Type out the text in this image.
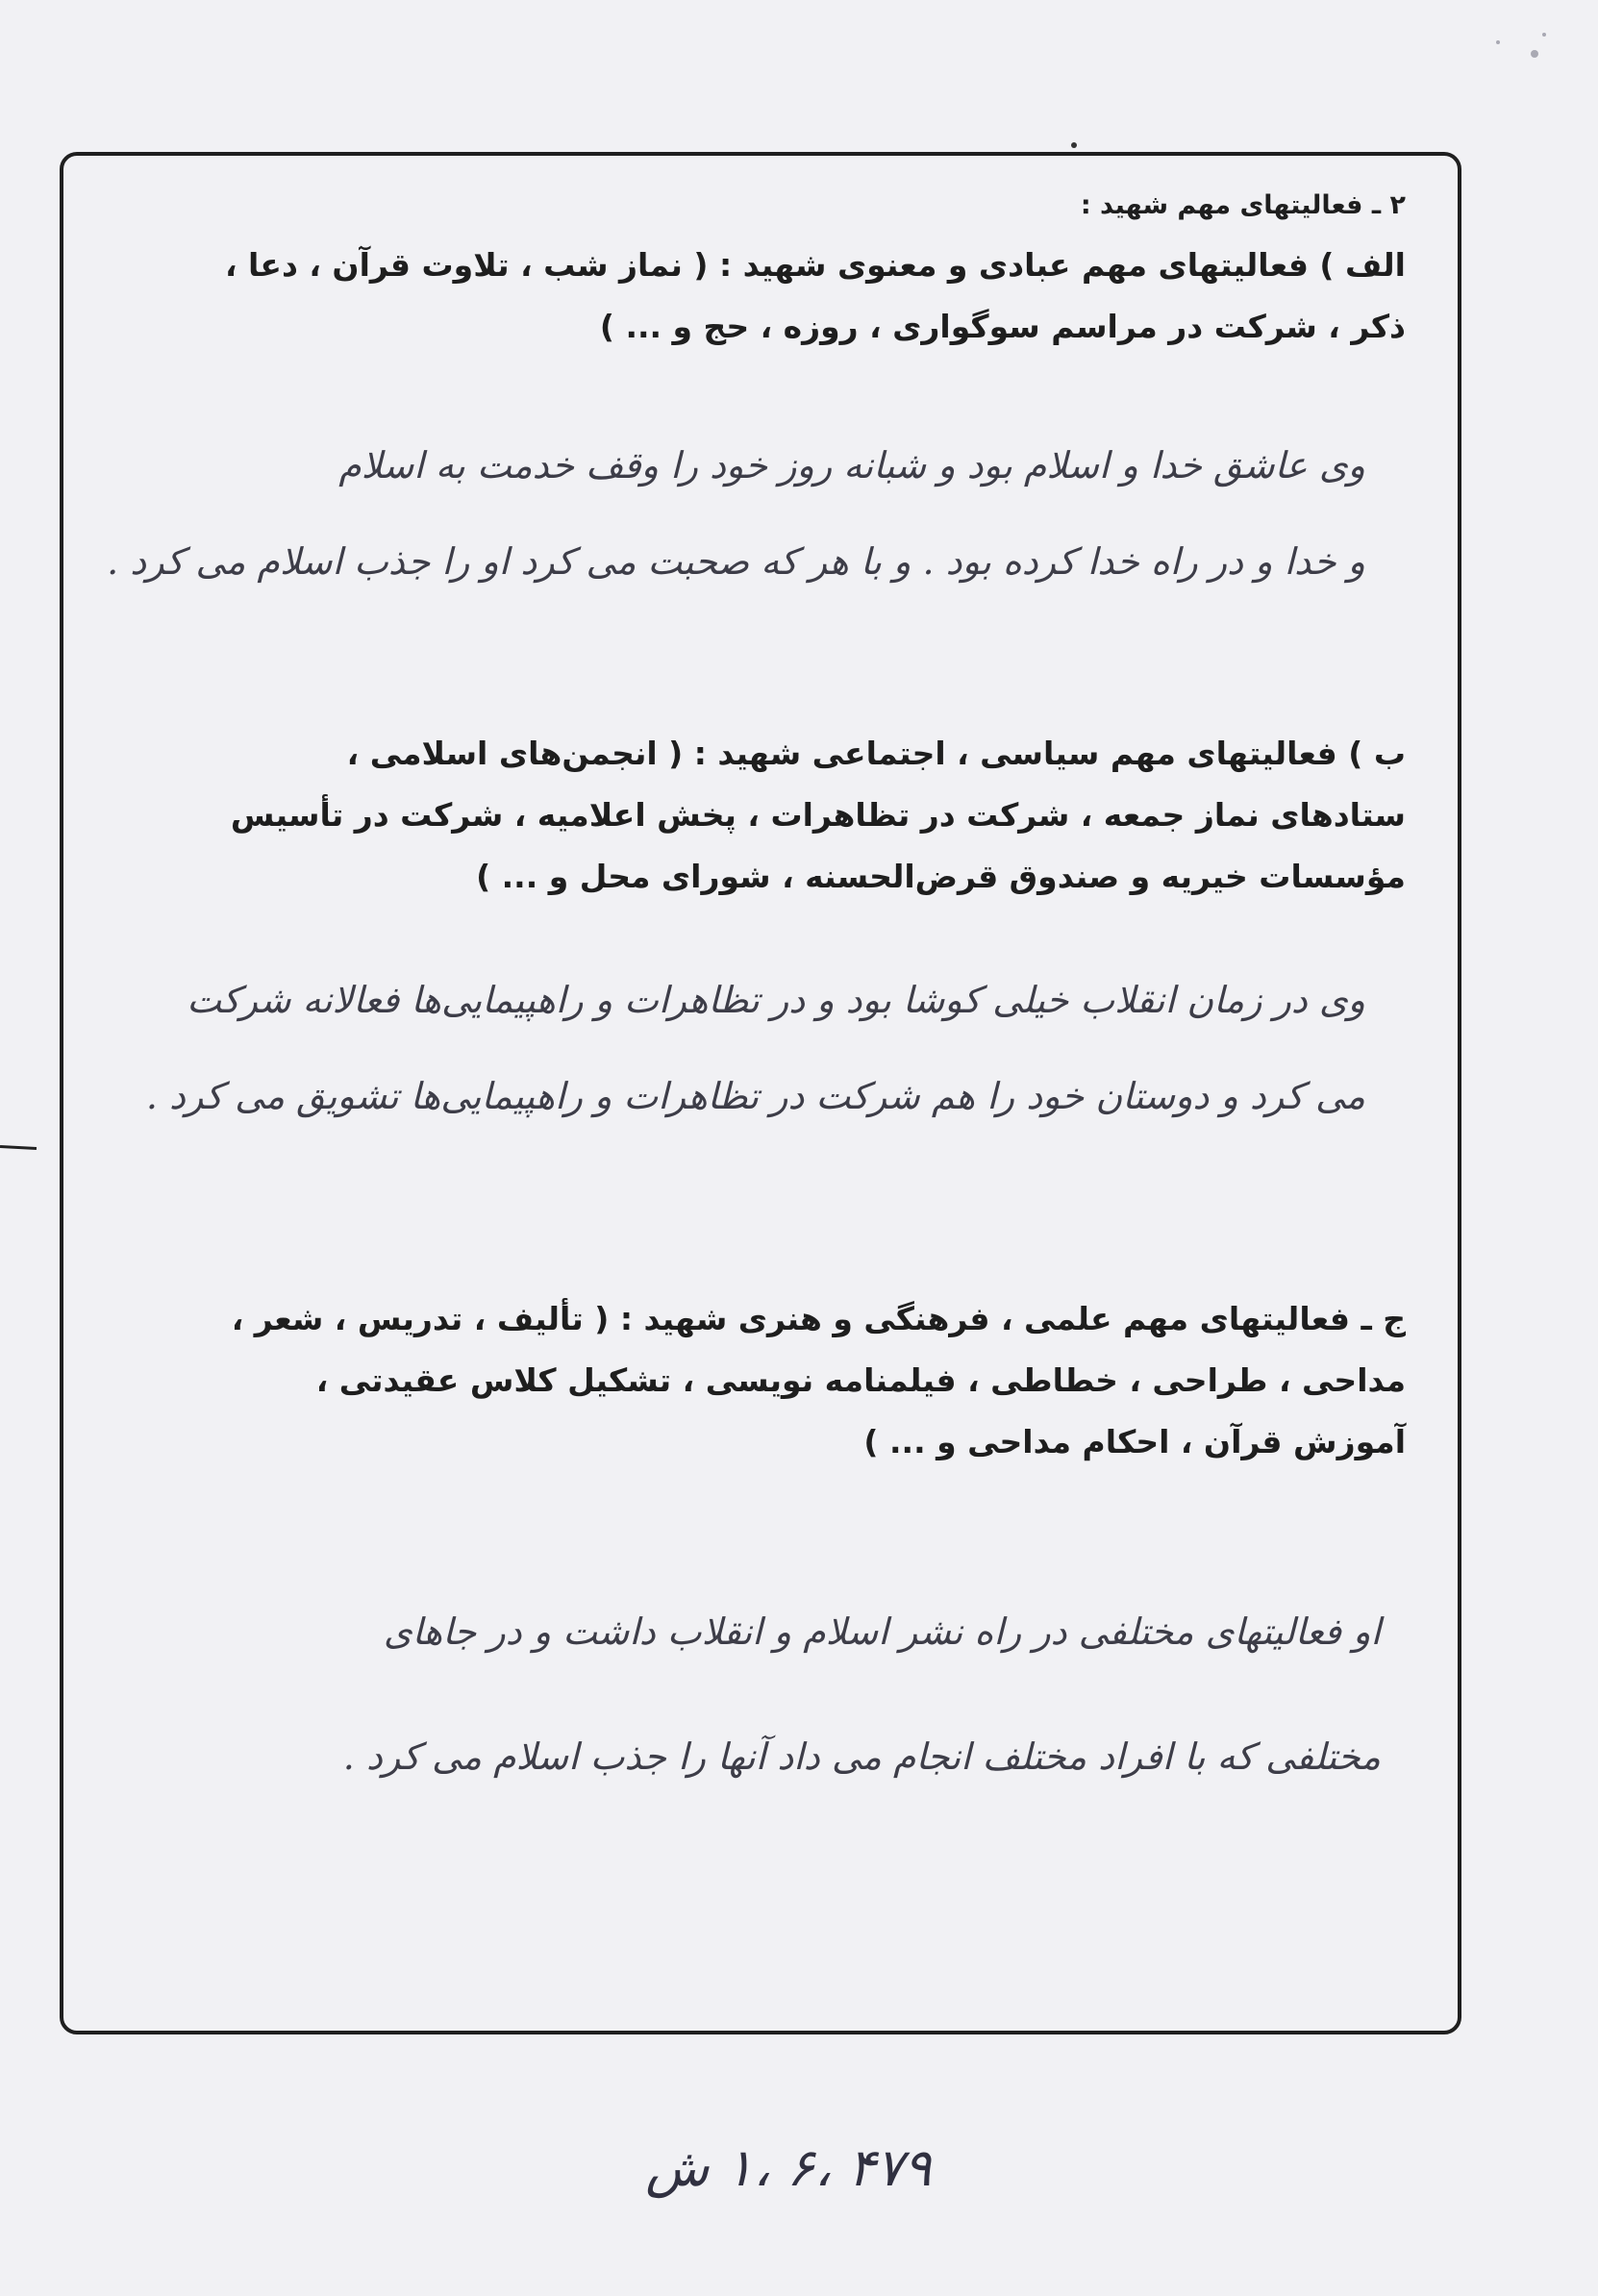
۲ ـ فعالیتهای مهم شهید :
الف ) فعالیتهای مهم عبادی و معنوی شهید : ( نماز شب ، تلاوت قرآن ، دعا ،
ذکر ، شرکت در مراسم سوگواری ، روزه ، حج و ... )
وی عاشق خدا و اسلام بود و شبانه روز خود را وقف خدمت به اسلام
و خدا و در راه خدا کرده بود . و با هر که صحبت می کرد او را جذب اسلام می کرد .
ب ) فعالیتهای مهم سیاسی ، اجتماعی شهید : ( انجمن‌های اسلامی ،
ستادهای نماز جمعه ، شرکت در تظاهرات ، پخش اعلامیه ، شرکت در تأسیس
مؤسسات خیریه و صندوق قرض‌الحسنه ، شورای محل و ... )
وی در زمان انقلاب خیلی کوشا بود و در تظاهرات و راهپیمایی‌ها فعالانه شرکت
می کرد و دوستان خود را هم شرکت در تظاهرات و راهپیمایی‌ها تشویق می کرد .
ج ـ فعالیتهای مهم علمی ، فرهنگی و هنری شهید : ( تألیف ، تدریس ، شعر ،
مداحی ، طراحی ، خطاطی ، فیلمنامه نویسی ، تشکیل کلاس عقیدتی ،
آموزش قرآن ، احکام مداحی و ... )
او فعالیتهای مختلفی در راه نشر اسلام و انقلاب داشت و در جاهای
مختلفی که با افراد مختلف انجام می داد آنها را جذب اسلام می کرد .
۴۷۹ ،۶ ،۱ ش
